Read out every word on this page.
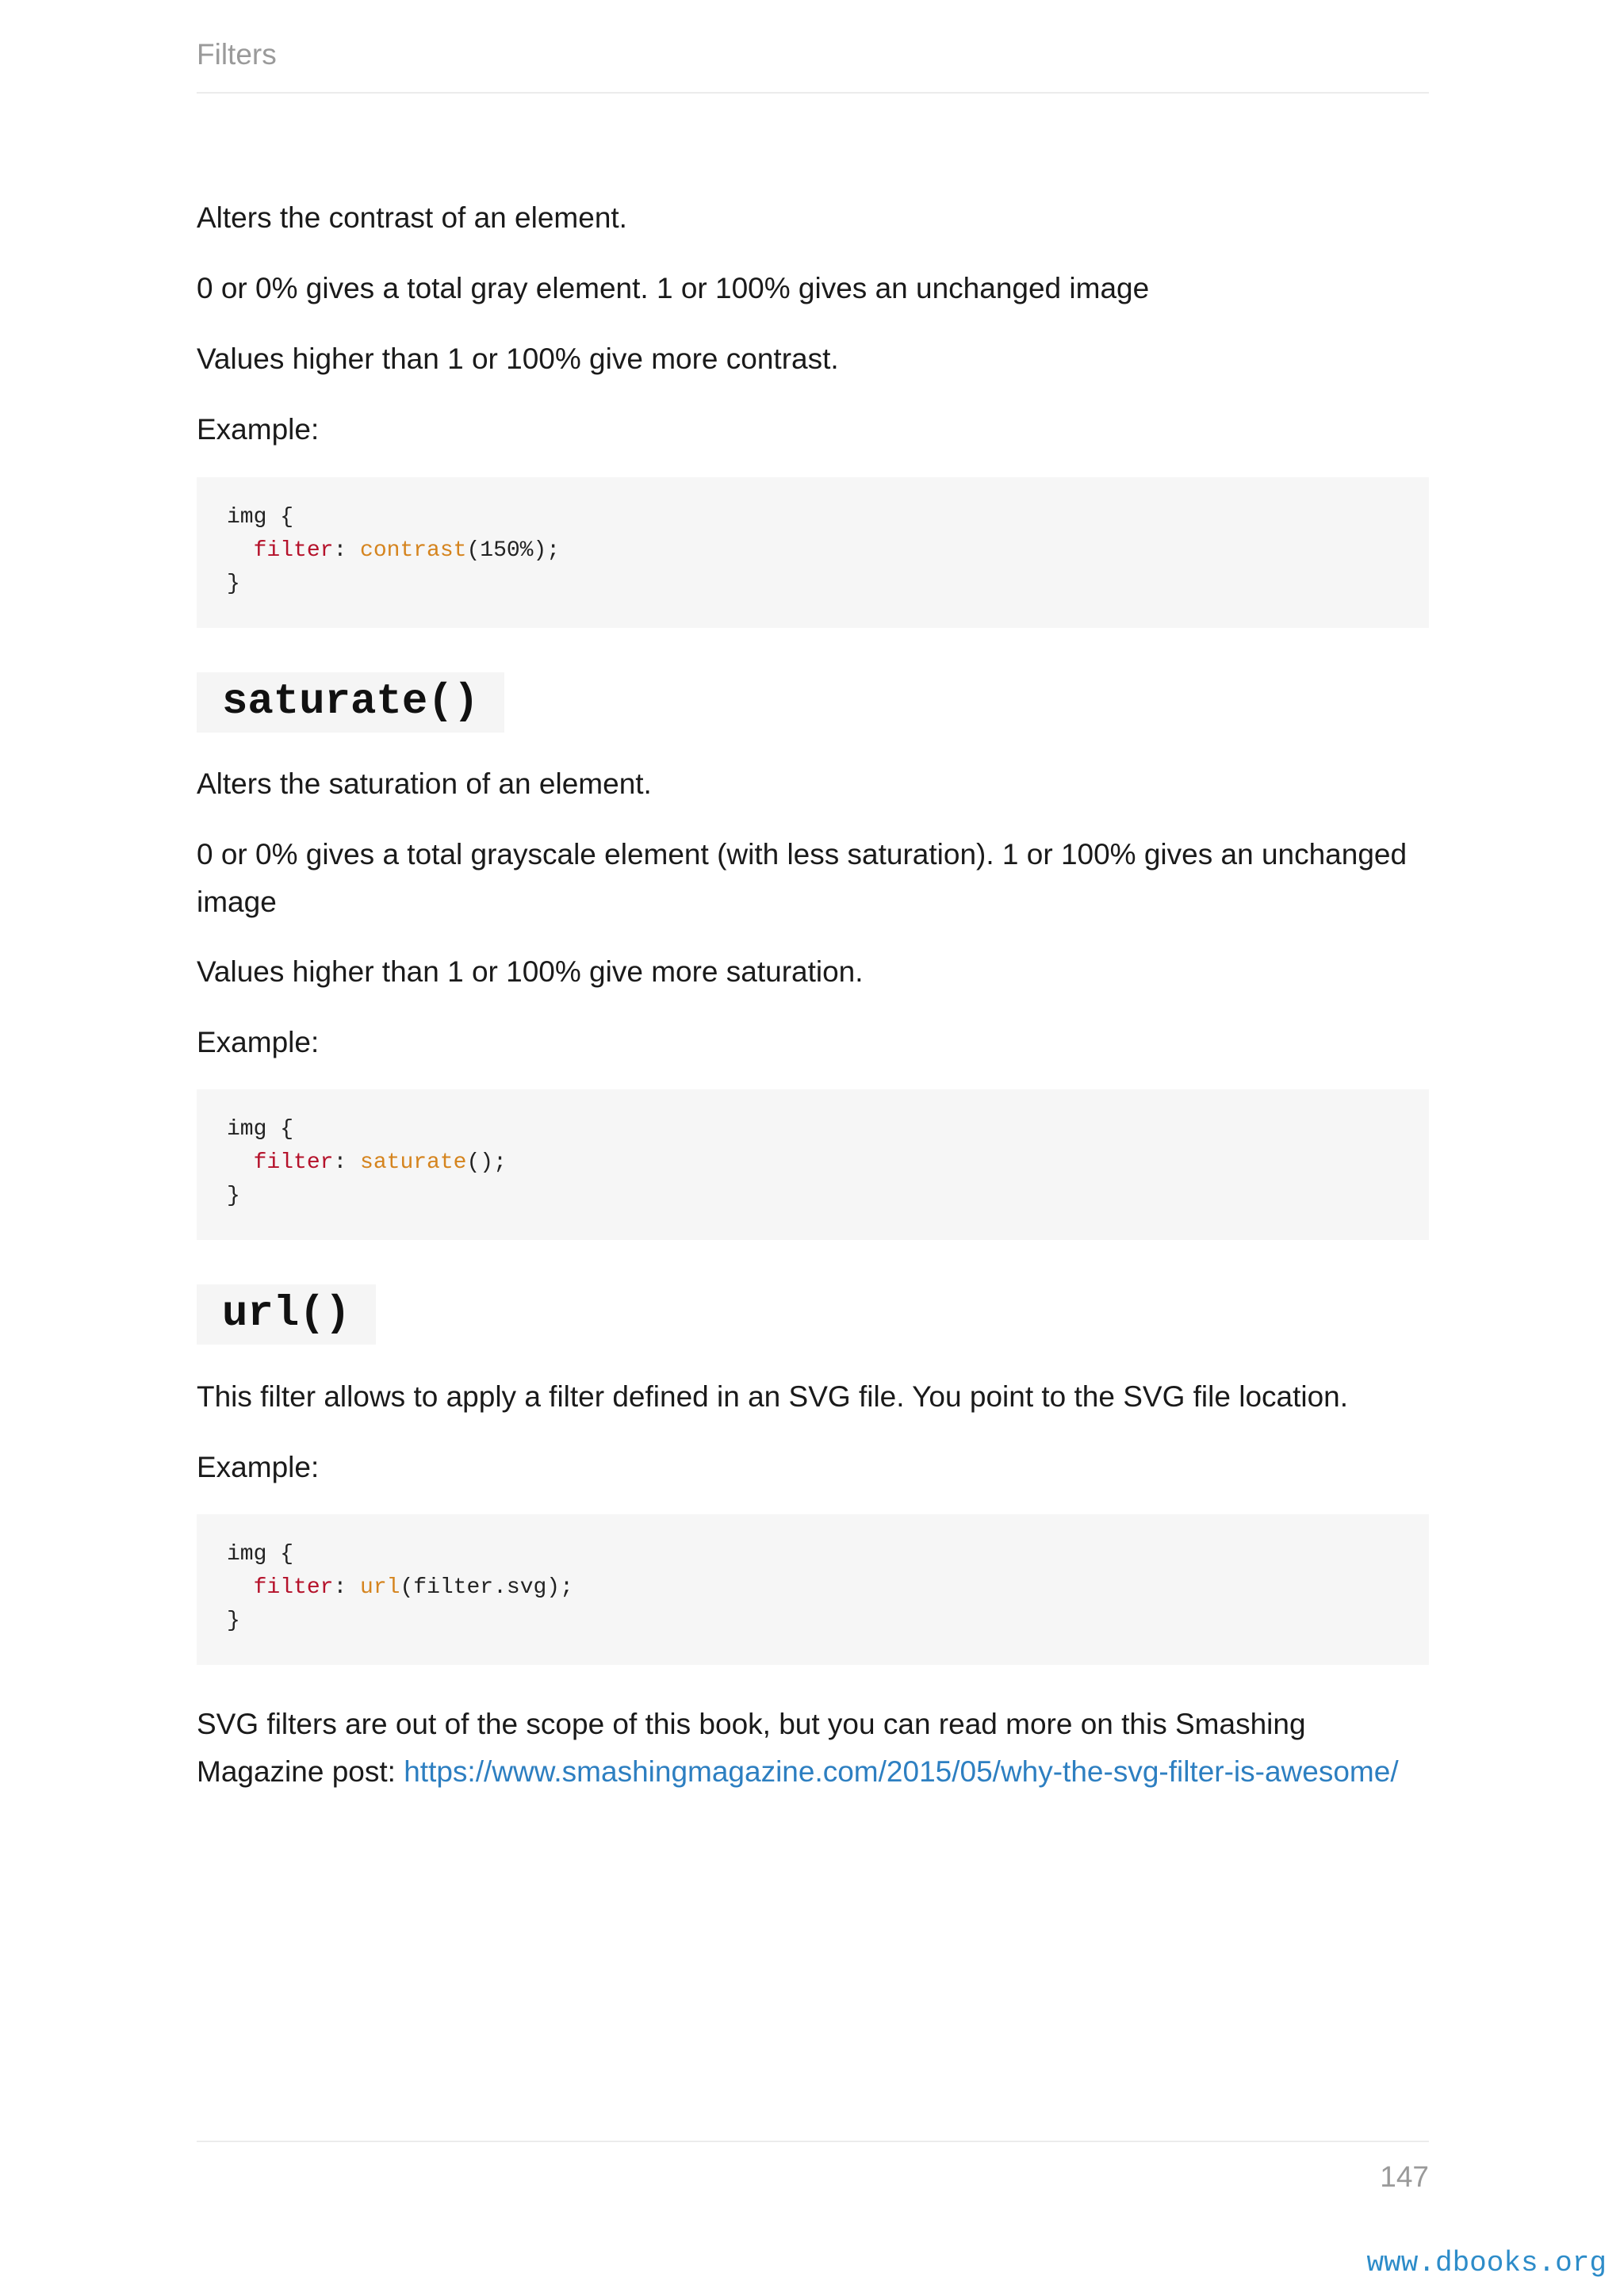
Filters

Alters the contrast of an element.

0 or 0% gives a total gray element. 1 or 100% gives an unchanged image

Values higher than 1 or 100% give more contrast.

Example:

img {
filter: contrast(150%);
}
saturate()

Alters the saturation of an element.

0 or 0% gives a total grayscale element (with less saturation). 1 or 100% gives an unchanged image

Values higher than 1 or 100% give more saturation.

Example:

img {
filter: saturate();
}
url()

This filter allows to apply a filter defined in an SVG file. You point to the SVG file location.

Example:

img {
filter: url(filter.svg);
}

SVG filters are out of the scope of this book, but you can read more on this Smashing Magazine post: https://www.smashingmagazine.com/2015/05/why-the-svg-filter-is-awesome/

147
www.dbooks.org
